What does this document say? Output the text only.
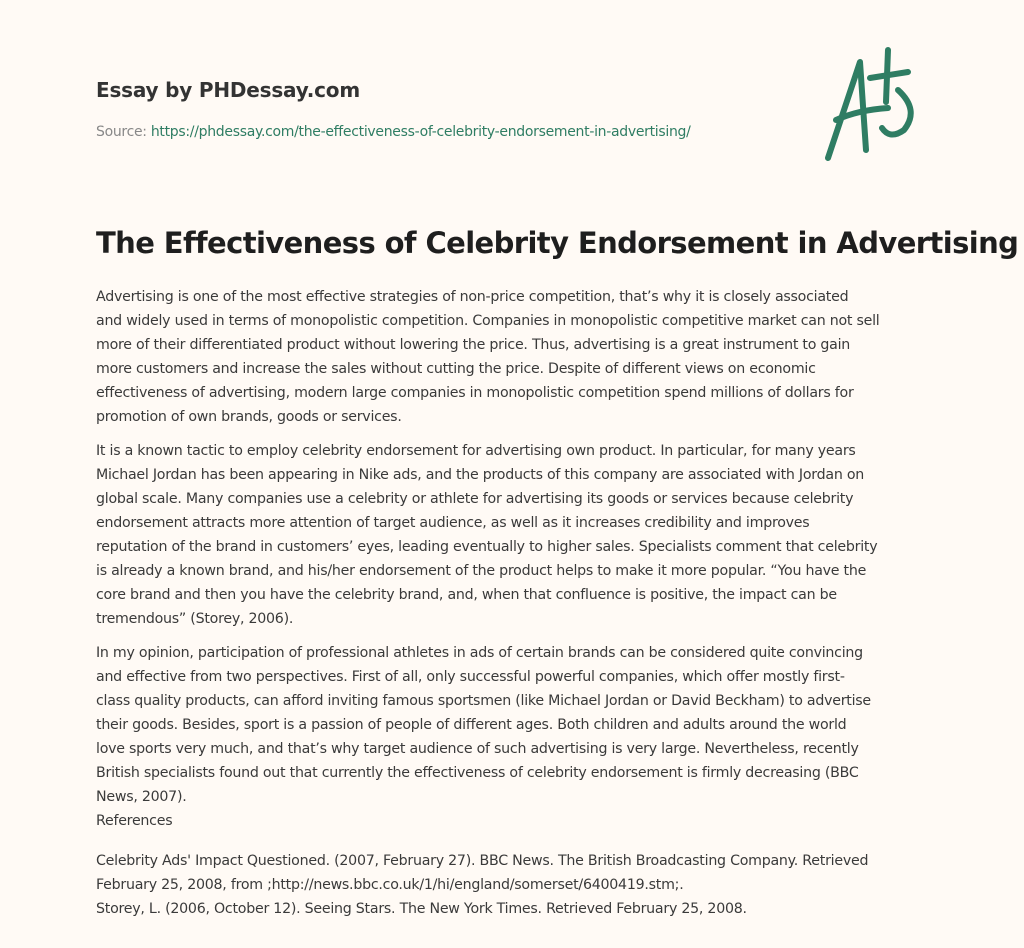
Essay by PHDessay.com
Source: https://phdessay.com/the-effectiveness-of-celebrity-endorsement-in-advertising/
The Effectiveness of Celebrity Endorsement in Advertising

Advertising is one of the most effective strategies of non-price competition, that’s why it is closely associated
and widely used in terms of monopolistic competition. Companies in monopolistic competitive market can not sell
more of their differentiated product without lowering the price. Thus, advertising is a great instrument to gain
more customers and increase the sales without cutting the price. Despite of different views on economic
effectiveness of advertising, modern large companies in monopolistic competition spend millions of dollars for
promotion of own brands, goods or services.

It is a known tactic to employ celebrity endorsement for advertising own product. In particular, for many years
Michael Jordan has been appearing in Nike ads, and the products of this company are associated with Jordan on
global scale. Many companies use a celebrity or athlete for advertising its goods or services because celebrity
endorsement attracts more attention of target audience, as well as it increases credibility and improves
reputation of the brand in customers’ eyes, leading eventually to higher sales. Specialists comment that celebrity
is already a known brand, and his/her endorsement of the product helps to make it more popular. “You have the
core brand and then you have the celebrity brand, and, when that confluence is positive, the impact can be
tremendous” (Storey, 2006).

In my opinion, participation of professional athletes in ads of certain brands can be considered quite convincing
and effective from two perspectives. First of all, only successful powerful companies, which offer mostly first-
class quality products, can afford inviting famous sportsmen (like Michael Jordan or David Beckham) to advertise
their goods. Besides, sport is a passion of people of different ages. Both children and adults around the world
love sports very much, and that’s why target audience of such advertising is very large. Nevertheless, recently
British specialists found out that currently the effectiveness of celebrity endorsement is firmly decreasing (BBC
News, 2007).

References
Celebrity Ads' Impact Questioned. (2007, February 27). BBC News. The British Broadcasting Company. Retrieved
February 25, 2008, from ;http://news.bbc.co.uk/1/hi/england/somerset/6400419.stm;.
Storey, L. (2006, October 12). Seeing Stars. The New York Times. Retrieved February 25, 2008.
